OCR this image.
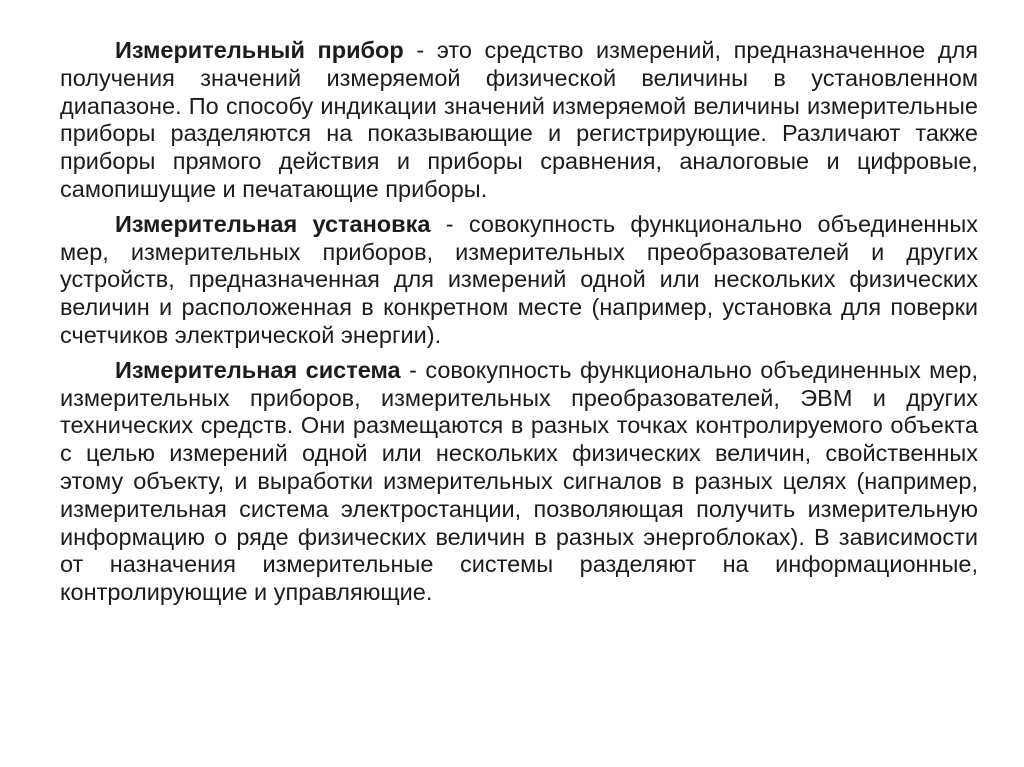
Измерительный прибор - это средство измерений, предназначенное для получения значений измеряемой физической величины в установленном диапазоне. По способу индикации значений измеряемой величины измерительные приборы разделяются на показывающие и регистрирующие. Различают также приборы прямого действия и приборы сравнения, аналоговые и цифровые, самопишущие и печатающие приборы.

Измерительная установка - совокупность функционально объединенных мер, измерительных приборов, измерительных преобразователей и других устройств, предназначенная для измерений одной или нескольких физических величин и расположенная в конкретном месте (например, установка для поверки счетчиков электрической энергии).

Измерительная система - совокупность функционально объединенных мер, измерительных приборов, измерительных преобразователей, ЭВМ и других технических средств. Они размещаются в разных точках контролируемого объекта с целью измерений одной или нескольких физических величин, свойственных этому объекту, и выработки измерительных сигналов в разных целях (например, измерительная система электростанции, позволяющая получить измерительную информацию о ряде физических величин в разных энергоблоках). В зависимости от назначения измерительные системы разделяют на информационные, контролирующие и управляющие.
